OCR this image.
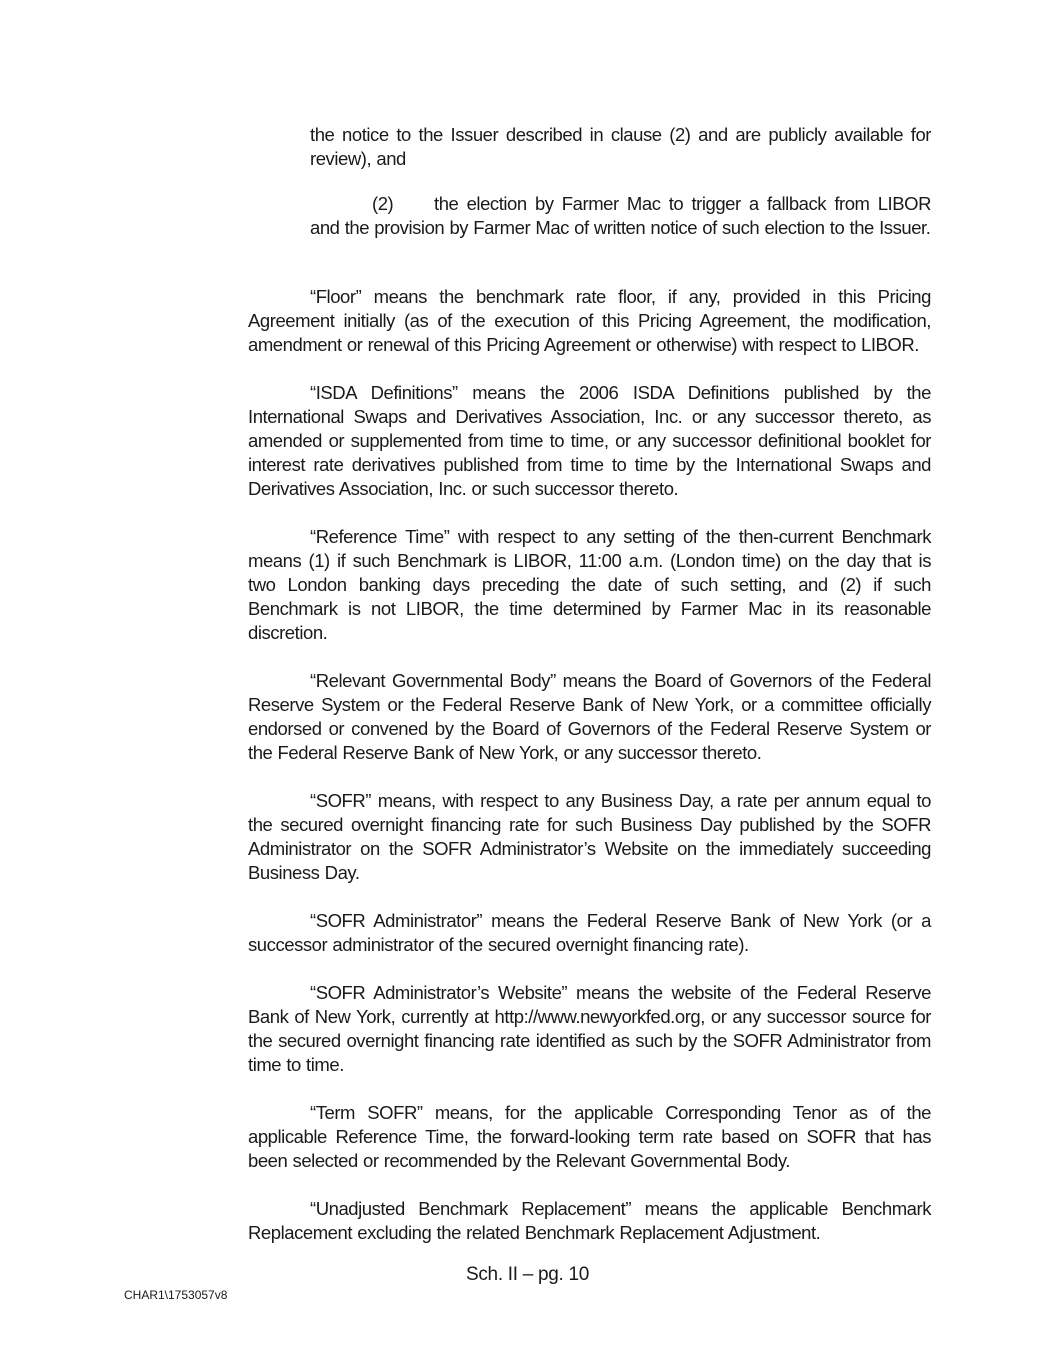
the notice to the Issuer described in clause (2) and are publicly available for review), and

(2) the election by Farmer Mac to trigger a fallback from LIBOR and the provision by Farmer Mac of written notice of such election to the Issuer.

“Floor” means the benchmark rate floor, if any, provided in this Pricing Agreement initially (as of the execution of this Pricing Agreement, the modification, amendment or renewal of this Pricing Agreement or otherwise) with respect to LIBOR.

“ISDA Definitions” means the 2006 ISDA Definitions published by the International Swaps and Derivatives Association, Inc. or any successor thereto, as amended or supplemented from time to time, or any successor definitional booklet for interest rate derivatives published from time to time by the International Swaps and Derivatives Association, Inc. or such successor thereto.

“Reference Time” with respect to any setting of the then-current Benchmark means (1) if such Benchmark is LIBOR, 11:00 a.m. (London time) on the day that is two London banking days preceding the date of such setting, and (2) if such Benchmark is not LIBOR, the time determined by Farmer Mac in its reasonable discretion.

“Relevant Governmental Body” means the Board of Governors of the Federal Reserve System or the Federal Reserve Bank of New York, or a committee officially endorsed or convened by the Board of Governors of the Federal Reserve System or the Federal Reserve Bank of New York, or any successor thereto.

“SOFR” means, with respect to any Business Day, a rate per annum equal to the secured overnight financing rate for such Business Day published by the SOFR Administrator on the SOFR Administrator’s Website on the immediately succeeding Business Day.

“SOFR Administrator” means the Federal Reserve Bank of New York (or a successor administrator of the secured overnight financing rate).

“SOFR Administrator’s Website” means the website of the Federal Reserve Bank of New York, currently at http://www.newyorkfed.org, or any successor source for the secured overnight financing rate identified as such by the SOFR Administrator from time to time.

“Term SOFR” means, for the applicable Corresponding Tenor as of the applicable Reference Time, the forward-looking term rate based on SOFR that has been selected or recommended by the Relevant Governmental Body.

“Unadjusted Benchmark Replacement” means the applicable Benchmark Replacement excluding the related Benchmark Replacement Adjustment.

Sch. II – pg. 10
CHAR1\1753057v8
